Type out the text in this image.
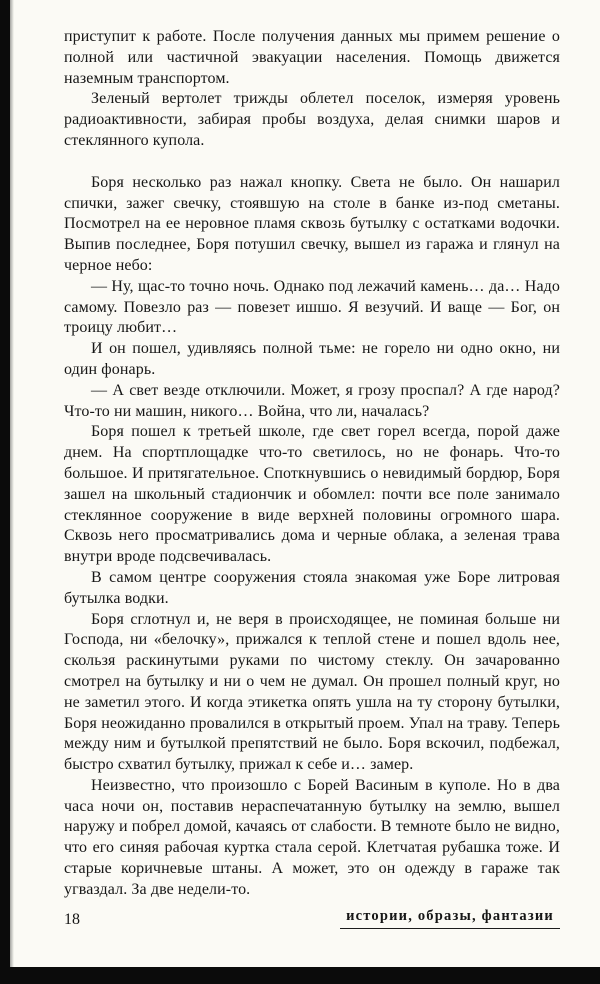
приступит к работе. После получения данных мы примем решение о полной или частичной эвакуации населения. Помощь движется наземным транспортом.

Зеленый вертолет трижды облетел поселок, измеряя уровень радиоактивности, забирая пробы воздуха, делая снимки шаров и стеклянного купола.

Боря несколько раз нажал кнопку. Света не было. Он нашарил спички, зажег свечку, стоявшую на столе в банке из-под сметаны. Посмотрел на ее неровное пламя сквозь бутылку с остатками водочки. Выпив последнее, Боря потушил свечку, вышел из гаража и глянул на черное небо:

— Ну, щас-то точно ночь. Однако под лежачий камень… да… Надо самому. Повезло раз — повезет ишшо. Я везучий. И ваще — Бог, он троицу любит…

И он пошел, удивляясь полной тьме: не горело ни одно окно, ни один фонарь.

— А свет везде отключили. Может, я грозу проспал? А где народ? Что-то ни машин, никого… Война, что ли, началась?

Боря пошел к третьей школе, где свет горел всегда, порой даже днем. На спортплощадке что-то светилось, но не фонарь. Что-то большое. И притягательное. Споткнувшись о невидимый бордюр, Боря зашел на школьный стадиончик и обомлел: почти все поле занимало стеклянное сооружение в виде верхней половины огромного шара. Сквозь него просматривались дома и черные облака, а зеленая трава внутри вроде подсвечивалась.

В самом центре сооружения стояла знакомая уже Боре литровая бутылка водки.

Боря сглотнул и, не веря в происходящее, не поминая больше ни Господа, ни «белочку», прижался к теплой стене и пошел вдоль нее, скользя раскинутыми руками по чистому стеклу. Он зачарованно смотрел на бутылку и ни о чем не думал. Он прошел полный круг, но не заметил этого. И когда этикетка опять ушла на ту сторону бутылки, Боря неожиданно провалился в открытый проем. Упал на траву. Теперь между ним и бутылкой препятствий не было. Боря вскочил, подбежал, быстро схватил бутылку, прижал к себе и… замер.

Неизвестно, что произошло с Борей Васиным в куполе. Но в два часа ночи он, поставив нераспечатанную бутылку на землю, вышел наружу и побрел домой, качаясь от слабости. В темноте было не видно, что его синяя рабочая куртка стала серой. Клетчатая рубашка тоже. И старые коричневые штаны. А может, это он одежду в гараже так угваздал. За две недели-то.

18	истории, образы, фантазии
